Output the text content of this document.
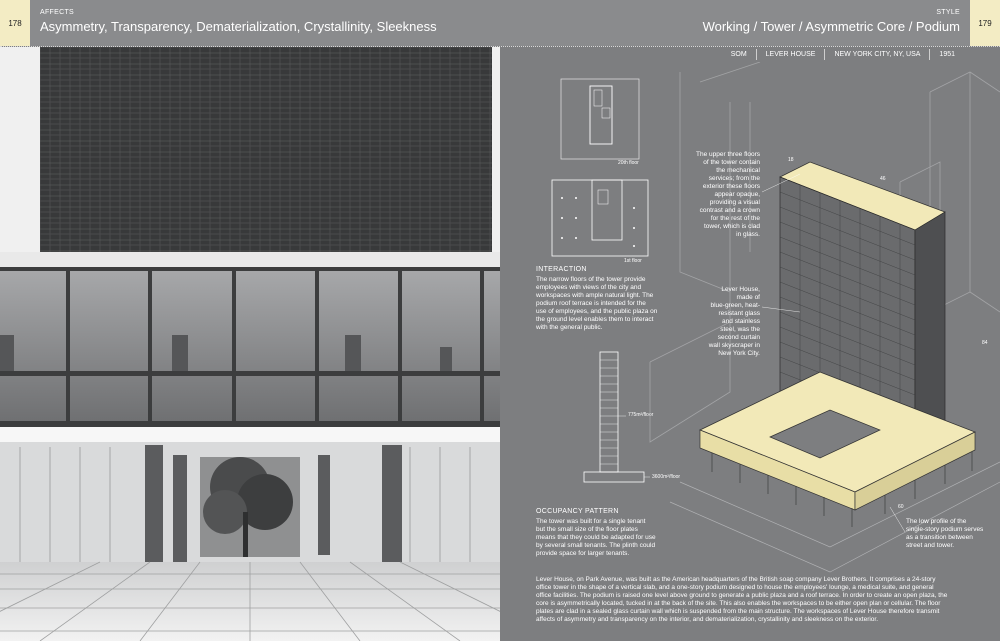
178
AFFECTS
Asymmetry, Transparency, Dematerialization, Crystallinity, Sleekness
STYLE
Working / Tower / Asymmetric Core / Podium	179
SOM	LEVER HOUSE	NEW YORK CITY, NY, USA	1951
20th floor
1st floor
INTERACTION
The narrow floors of the tower provide
employees with views of the city and
workspaces with ample natural light. The
podium roof terrace is intended for the
use of employees, and the public plaza on
the ground level enables them to interact
with the general public.
775m²/floor
3600m²/floor
OCCUPANCY PATTERN
The tower was built for a single tenant
but the small size of the floor plates
means that they could be adapted for use
by several small tenants. The plinth could
provide space for larger tenants.
The upper three floors
of the tower contain
the mechanical
services; from the
exterior these floors
appear opaque,
providing a visual
contrast and a crown
for the rest of the
tower, which is clad
in glass.
Lever House,
made of
blue-green, heat-
resistant glass
and stainless
steel, was the
second curtain
wall skyscraper in
New York City.
The low profile of the
single-story podium serves
as a transition between
street and tower.
18
46
84
60
Lever House, on Park Avenue, was built as the American headquarters of the British soap company Lever Brothers. It comprises a 24-story
office tower in the shape of a vertical slab, and a one-story podium designed to house the employees' lounge, a medical suite, and general
office facilities. The podium is raised one level above ground to generate a public plaza and a roof terrace. In order to create an open plaza, the
core is asymmetrically located, tucked in at the back of the site. This also enables the workspaces to be either open plan or cellular. The floor
plates are clad in a sealed glass curtain wall which is suspended from the main structure. The workspaces of Lever House therefore transmit
affects of asymmetry and transparency on the interior, and dematerialization, crystallinity and sleekness on the exterior.
